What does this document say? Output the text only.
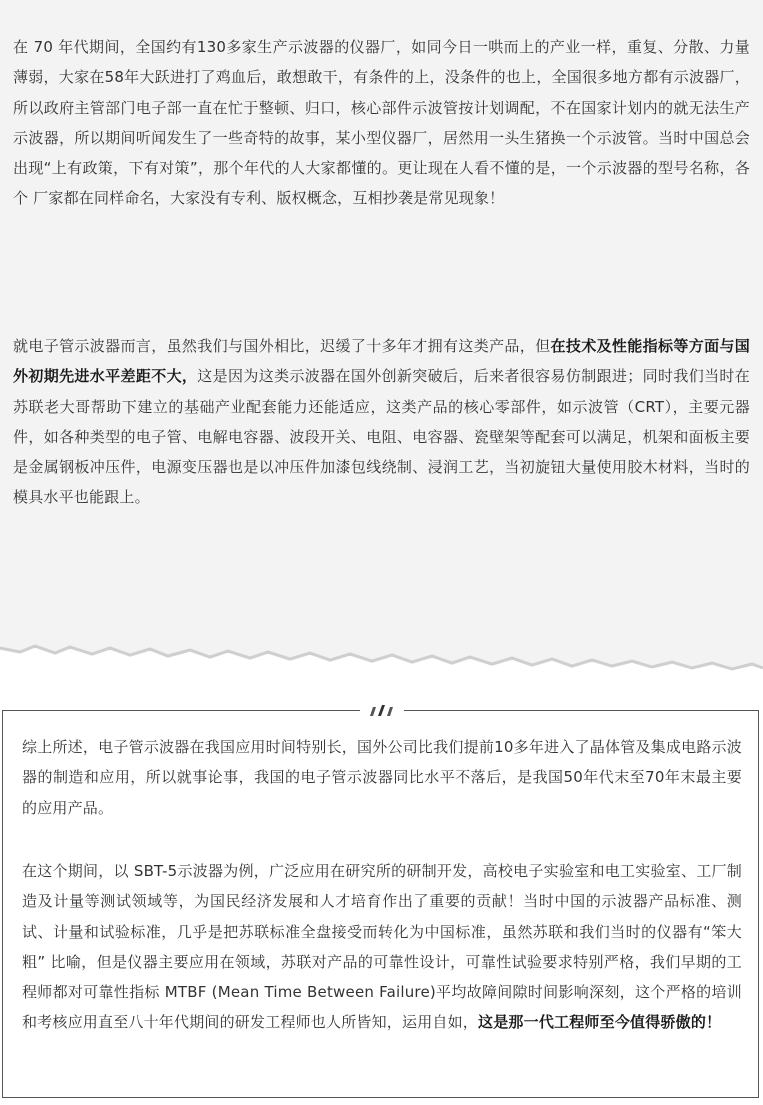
在 70 年代期间，全国约有130多家生产示波器的仪器厂，如同今日一哄而上的产业一样，重复、分散、力量薄弱，大家在58年大跃进打了鸡血后，敢想敢干，有条件的上，没条件的也上，全国很多地方都有示波器厂，所以政府主管部门电子部一直在忙于整顿、归口，核心部件示波管按计划调配，不在国家计划内的就无法生产示波器，所以期间听闻发生了一些奇特的故事，某小型仪器厂，居然用一头生猪换一个示波管。当时中国总会出现“上有政策，下有对策”，那个年代的人大家都懂的。更让现在人看不懂的是，一个示波器的型号名称，各个 厂家都在同样命名，大家没有专利、版权概念，互相抄袭是常见现象！

就电子管示波器而言，虽然我们与国外相比，迟缓了十多年才拥有这类产品，但在技术及性能指标等方面与国外初期先进水平差距不大，这是因为这类示波器在国外创新突破后，后来者很容易仿制跟进；同时我们当时在苏联老大哥帮助下建立的基础产业配套能力还能适应，这类产品的核心零部件，如示波管（CRT），主要元器件，如各种类型的电子管、电解电容器、波段开关、电阻、电容器、瓷壁架等配套可以满足，机架和面板主要是金属钢板冲压件，电源变压器也是以冲压件加漆包线绕制、浸润工艺，当初旋钮大量使用胶木材料，当时的模具水平也能跟上。

综上所述，电子管示波器在我国应用时间特别长，国外公司比我们提前10多年进入了晶体管及集成电路示波器的制造和应用，所以就事论事，我国的电子管示波器同比水平不落后，是我国50年代末至70年末最主要的应用产品。

在这个期间，以 SBT-5示波器为例，广泛应用在研究所的研制开发，高校电子实验室和电工实验室、工厂制造及计量等测试领域等，为国民经济发展和人才培育作出了重要的贡献！当时中国的示波器产品标准、测试、计量和试验标准，几乎是把苏联标准全盘接受而转化为中国标准，虽然苏联和我们当时的仪器有“笨大粗” 比喻，但是仪器主要应用在领域，苏联对产品的可靠性设计，可靠性试验要求特别严格，我们早期的工程师都对可靠性指标 MTBF (Mean Time Between Failure)平均故障间隙时间影响深刻，这个严格的培训和考核应用直至八十年代期间的研发工程师也人所皆知，运用自如，这是那一代工程师至今值得骄傲的！
